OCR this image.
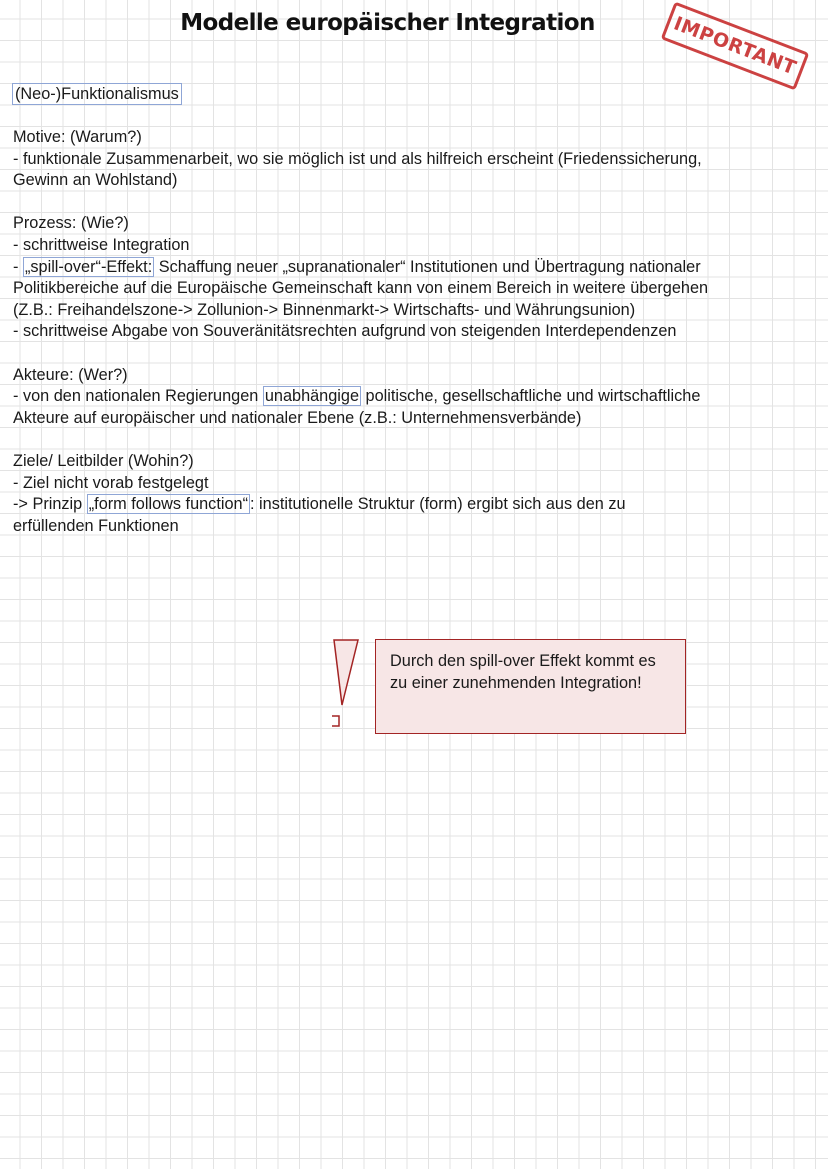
Modelle europäischer Integration	IMPORTANT
(Neo-)Funktionalismus

Motive: (Warum?)

- funktionale Zusammenarbeit, wo sie möglich ist und als hilfreich erscheint (Friedenssicherung,

Gewinn an Wohlstand)

Prozess: (Wie?)

- schrittweise Integration

- „spill-over“-Effekt: Schaffung neuer „supranationaler“ Institutionen und Übertragung nationaler

Politikbereiche auf die Europäische Gemeinschaft kann von einem Bereich in weitere übergehen

(Z.B.: Freihandelszone-> Zollunion-> Binnenmarkt-> Wirtschafts- und Währungsunion)

- schrittweise Abgabe von Souveränitätsrechten aufgrund von steigenden Interdependenzen

Akteure: (Wer?)

- von den nationalen Regierungen unabhängige politische, gesellschaftliche und wirtschaftliche

Akteure auf europäischer und nationaler Ebene (z.B.: Unternehmensverbände)

Ziele/ Leitbilder (Wohin?)

- Ziel nicht vorab festgelegt

-> Prinzip „form follows function“ : institutionelle Struktur (form) ergibt sich aus den zu

erfüllenden Funktionen

Durch den spill-over Effekt kommt es zu einer zunehmenden Integration!
